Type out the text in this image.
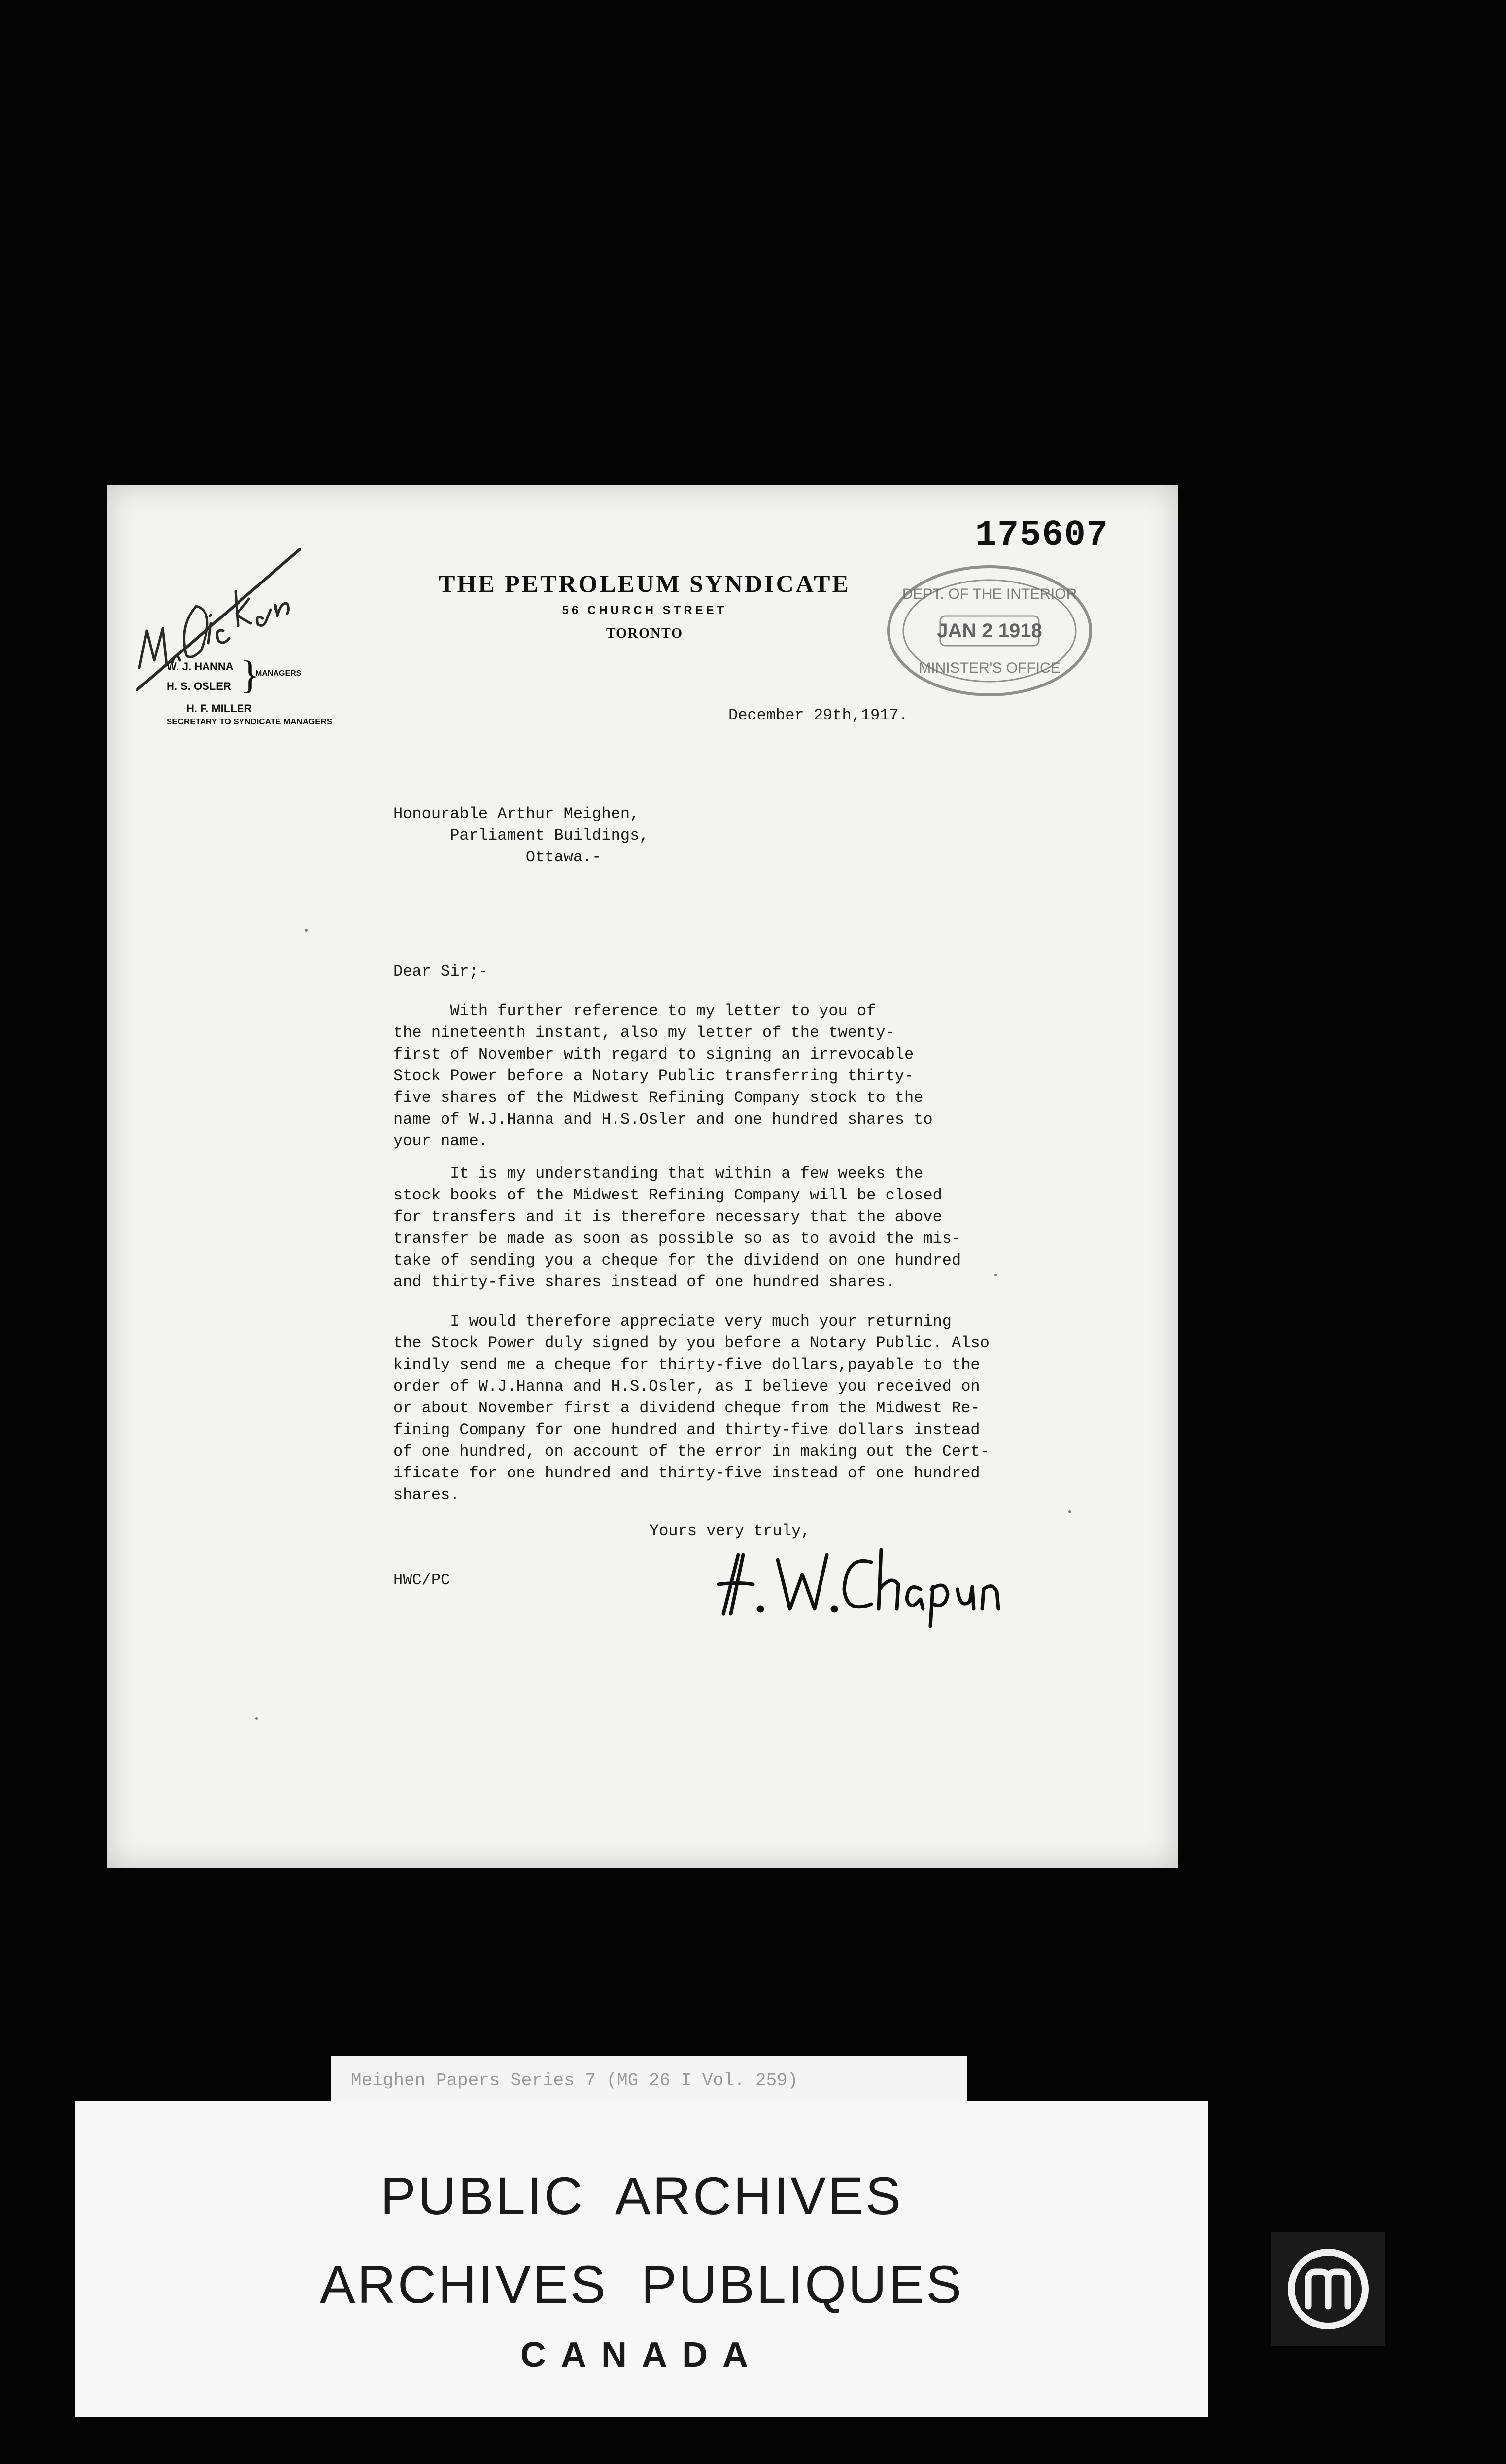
175607
THE PETROLEUM SYNDICATE
56 CHURCH STREET
TORONTO
W. J. HANNA
H. S. OSLER }
MANAGERS
H. F. MILLER
SECRETARY TO SYNDICATE MANAGERS
DEPT. OF THE INTERIOR
JAN 2 1918
MINISTER'S OFFICE
December 29th,1917.
Honourable Arthur Meighen,
Parliament Buildings,
Ottawa.-
Dear Sir;-
With further reference to my letter to you of
the nineteenth instant, also my letter of the twenty-
first of November with regard to signing an irrevocable
Stock Power before a Notary Public transferring thirty-
five shares of the Midwest Refining Company stock to the
name of W.J.Hanna and H.S.Osler and one hundred shares to
your name.
It is my understanding that within a few weeks the
stock books of the Midwest Refining Company will be closed
for transfers and it is therefore necessary that the above
transfer be made as soon as possible so as to avoid the mis-
take of sending you a cheque for the dividend on one hundred
and thirty-five shares instead of one hundred shares.
I would therefore appreciate very much your returning
the Stock Power duly signed by you before a Notary Public. Also
kindly send me a cheque for thirty-five dollars,payable to the
order of W.J.Hanna and H.S.Osler, as I believe you received on
or about November first a dividend cheque from the Midwest Re-
fining Company for one hundred and thirty-five dollars instead
of one hundred, on account of the error in making out the Cert-
ificate for one hundred and thirty-five instead of one hundred
shares.
Yours very truly,
HWC/PC
Meighen Papers Series 7 (MG 26 I Vol. 259)
PUBLIC  ARCHIVES
ARCHIVES  PUBLIQUES
CANADA
